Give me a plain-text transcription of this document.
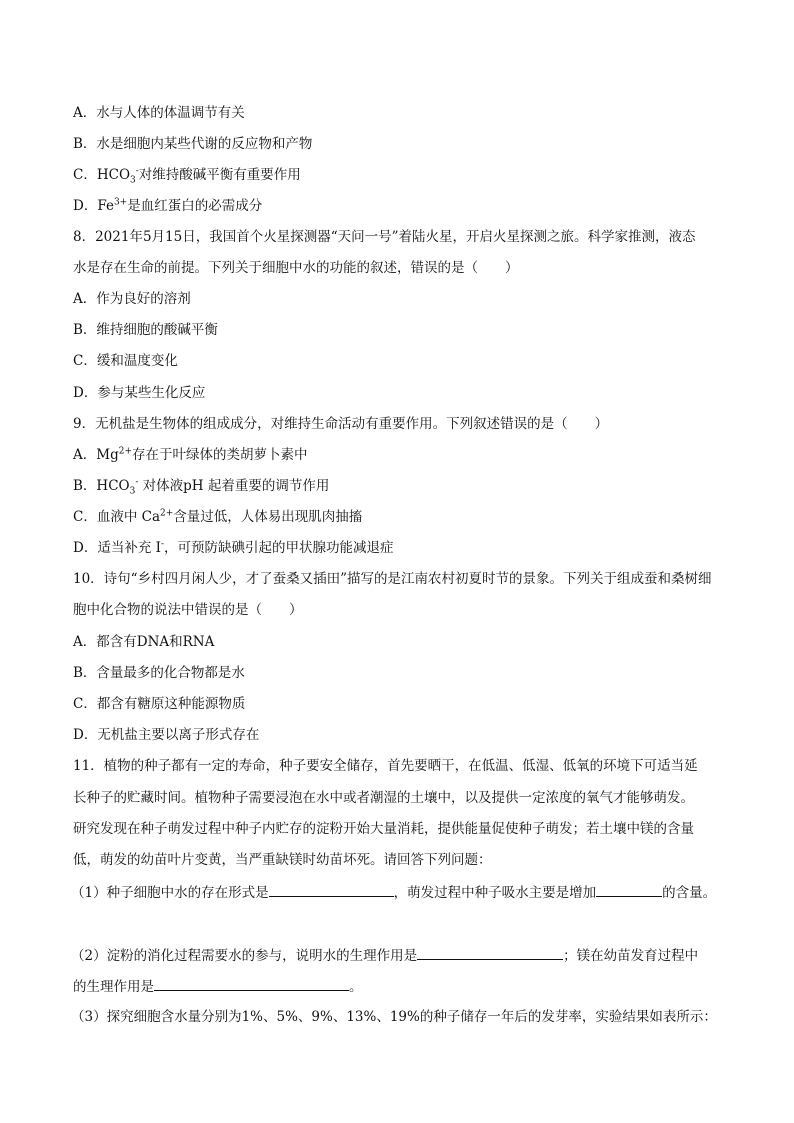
A．水与人体的体温调节有关
B．水是细胞内某些代谢的反应物和产物
C．$HCO_3^-$对维持酸碱平衡有重要作用
D．$Fe^{3+}$是血红蛋白的必需成分
8．2021年5月15日，我国首个火星探测器“天问一号”着陆火星，开启火星探测之旅。科学家推测，液态
水是存在生命的前提。下列关于细胞中水的功能的叙述，错误的是（　　）
A．作为良好的溶剂
B．维持细胞的酸碱平衡
C．缓和温度变化
D．参与某些生化反应
9．无机盐是生物体的组成成分，对维持生命活动有重要作用。下列叙述错误的是（　　）
A．$Mg^{2+}$存在于叶绿体的类胡萝卜素中
B．$HCO_3^-$ 对体液pH 起着重要的调节作用
C．血液中 $Ca^{2+}$含量过低，人体易出现肌肉抽搐
D．适当补充 I-，可预防缺碘引起的甲状腺功能减退症
10．诗句“乡村四月闲人少，才了蚕桑又插田”描写的是江南农村初夏时节的景象。下列关于组成蚕和桑树细
胞中化合物的说法中错误的是（　　）
A．都含有DNA和RNA
B．含量最多的化合物都是水
C．都含有糖原这种能源物质
D．无机盐主要以离子形式存在
11．植物的种子都有一定的寿命，种子要安全储存，首先要晒干，在低温、低湿、低氧的环境下可适当延
长种子的贮藏时间。植物种子需要浸泡在水中或者潮湿的土壤中，以及提供一定浓度的氧气才能够萌发。
研究发现在种子萌发过程中种子内贮存的淀粉开始大量消耗，提供能量促使种子萌发；若土壤中镁的含量
低，萌发的幼苗叶片变黄，当严重缺镁时幼苗坏死。请回答下列问题：
（1）种子细胞中水的存在形式是	，萌发过程中种子吸水主要是增加	的含量。
（2）淀粉的消化过程需要水的参与，说明水的生理作用是	；镁在幼苗发育过程中
的生理作用是	。
（3）探究细胞含水量分别为1%、5%、9%、13%、19%的种子储存一年后的发芽率，实验结果如表所示：
